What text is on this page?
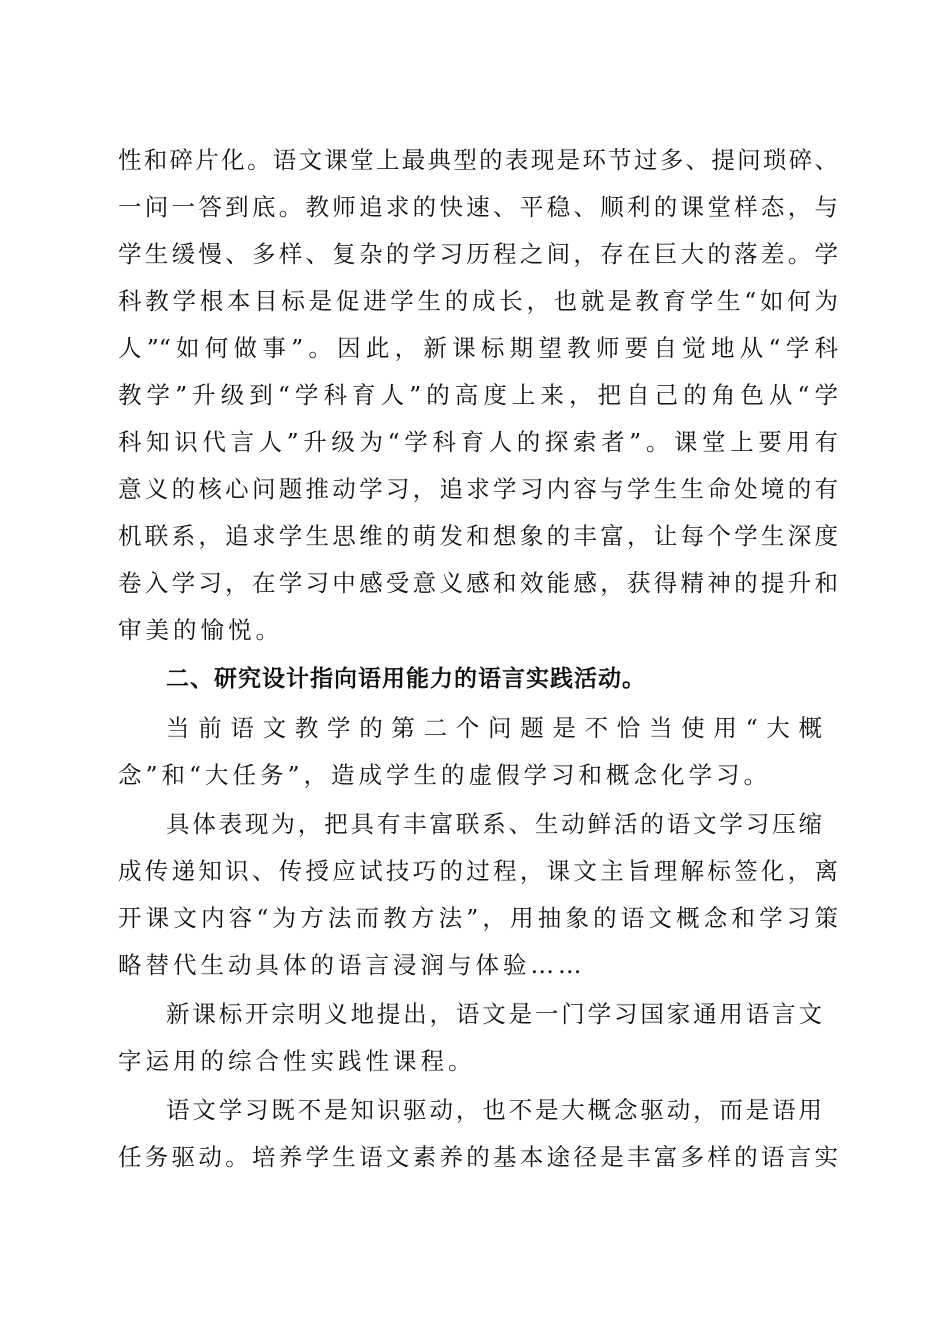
性和碎片化。语文课堂上最典型的表现是环节过多、提问琐碎、
一问一答到底。教师追求的快速、平稳、顺利的课堂样态，与
学生缓慢、多样、复杂的学习历程之间，存在巨大的落差。学
科教学根本目标是促进学生的成长，也就是教育学生“如何为
人”“如何做事”。因此，新课标期望教师要自觉地从“学科
教学”升级到“学科育人”的高度上来，把自己的角色从“学
科知识代言人”升级为“学科育人的探索者”。课堂上要用有
意义的核心问题推动学习，追求学习内容与学生生命处境的有
机联系，追求学生思维的萌发和想象的丰富，让每个学生深度
卷入学习，在学习中感受意义感和效能感，获得精神的提升和
审美的愉悦。
二、研究设计指向语用能力的语言实践活动。
当前语文教学的第二个问题是不恰当使用“大概
念”和“大任务”，造成学生的虚假学习和概念化学习。
具体表现为，把具有丰富联系、生动鲜活的语文学习压缩
成传递知识、传授应试技巧的过程，课文主旨理解标签化，离
开课文内容“为方法而教方法”，用抽象的语文概念和学习策
略替代生动具体的语言浸润与体验……
新课标开宗明义地提出，语文是一门学习国家通用语言文
字运用的综合性实践性课程。
语文学习既不是知识驱动，也不是大概念驱动，而是语用
任务驱动。培养学生语文素养的基本途径是丰富多样的语言实
